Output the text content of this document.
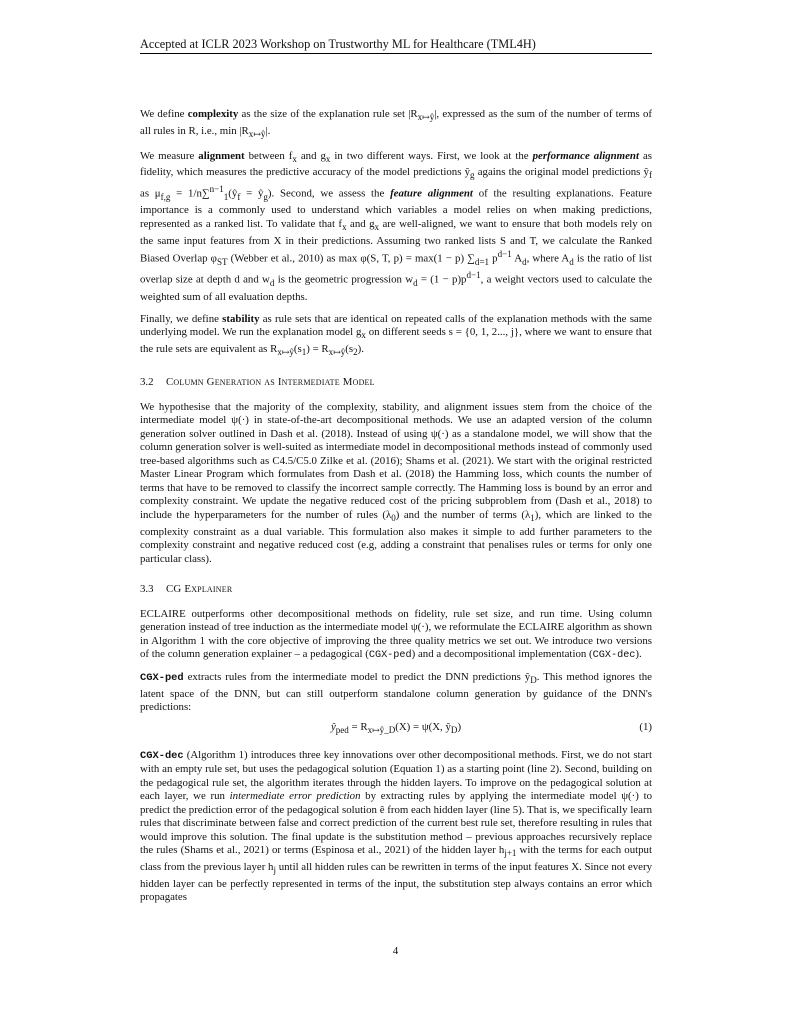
Accepted at ICLR 2023 Workshop on Trustworthy ML for Healthcare (TML4H)

We define complexity as the size of the explanation rule set $|R_{x↦ŷ}|$, expressed as the sum of the number of terms of all rules in R, i.e., $\min |R_{x↦ŷ}|$.

We measure alignment between $f_x$ and $g_x$ in two different ways. First, we look at the performance alignment as fidelity, which measures the predictive accuracy of the model predictions $ŷ_g$ agains the original model predictions $ŷ_f$ as $\mu_{f,g}$ = $1/n\sum^{n-1}_1(ŷ_f$ = $ŷ_g$). Second, we assess the feature alignment of the resulting explanations. Feature importance is a commonly used to understand which variables a model relies on when making predictions, represented as a ranked list. To validate that $f_x$ and $g_x$ are well-aligned, we want to ensure that both models rely on the same input features from X in their predictions. Assuming two ranked lists S and T, we calculate the Ranked Biased Overlap $\varphi_{ST}$ (Webber et al., 2010) as max φ(S, T, p) = max(1 − p) $\sum_{d=1}$ $p^{d-1}$ $A_d$, where $A_d$ is the ratio of list overlap size at depth d and $w_d$ is the geometric progression $w_d = (1 - p)p^{d-1}$, a weight vectors used to calculate the weighted sum of all evaluation depths.

Finally, we define stability as rule sets that are identical on repeated calls of the explanation methods with the same underlying model. We run the explanation model $g_x$ on different seeds s = {0, 1, 2..., j}, where we want to ensure that the rule sets are equivalent as $R_{x↦ŷ}(s_1) = R_{x↦ŷ}(s_2)$.

3.2 Column Generation as Intermediate Model

We hypothesise that the majority of the complexity, stability, and alignment issues stem from the choice of the intermediate model ψ(·) in state-of-the-art decompositional methods. We use an adapted version of the column generation solver outlined in Dash et al. (2018). Instead of using ψ(·) as a standalone model, we will show that the column generation solver is well-suited as intermediate model in decompositional methods instead of commonly used tree-based algorithms such as C4.5/C5.0 Zilke et al. (2016); Shams et al. (2021). We start with the original restricted Master Linear Program which formulates from Dash et al. (2018) the Hamming loss, which counts the number of terms that have to be removed to classify the incorrect sample correctly. The Hamming loss is bound by an error and complexity constraint. We update the negative reduced cost of the pricing subproblem from (Dash et al., 2018) to include the hyperparameters for the number of rules $(\lambda_0)$ and the number of terms $(\lambda_1)$, which are linked to the complexity constraint as a dual variable. This formulation also makes it simple to add further parameters to the complexity constraint and negative reduced cost (e.g, adding a constraint that penalises rules or terms for only one particular class).

3.3 CG Explainer

ECLAIRE outperforms other decompositional methods on fidelity, rule set size, and run time. Using column generation instead of tree induction as the intermediate model ψ(·), we reformulate the ECLAIRE algorithm as shown in Algorithm 1 with the core objective of improving the three quality metrics we set out. We introduce two versions of the column generation explainer – a pedagogical (CGX-ped) and a decompositional implementation (CGX-dec).

CGX-ped extracts rules from the intermediate model to predict the DNN predictions $ŷ_D$. This method ignores the latent space of the DNN, but can still outperform standalone column generation by guidance of the DNN's predictions:

$ŷ_{ped} = R_{x↦ŷ\_D}(X) = \psi(X$, $ŷ_D$)	(1)

CGX-dec (Algorithm 1) introduces three key innovations over other decompositional methods. First, we do not start with an empty rule set, but uses the pedagogical solution (Equation 1) as a starting point (line 2). Second, building on the pedagogical rule set, the algorithm iterates through the hidden layers. To improve on the pedagogical solution at each layer, we run intermediate error prediction by extracting rules by applying the intermediate model ψ(·) to predict the prediction error of the pedagogical solution ê from each hidden layer (line 5). That is, we specifically learn rules that discriminate between false and correct prediction of the current best rule set, therefore resulting in rules that would improve this solution. The final update is the substitution method – previous approaches recursively replace the rules (Shams et al., 2021) or terms (Espinosa et al., 2021) of the hidden layer $h_{j+1}$ with the terms for each output class from the previous layer $h_j$ until all hidden rules can be rewritten in terms of the input features X. Since not every hidden layer can be perfectly represented in terms of the input, the substitution step always contains an error which propagates

4
